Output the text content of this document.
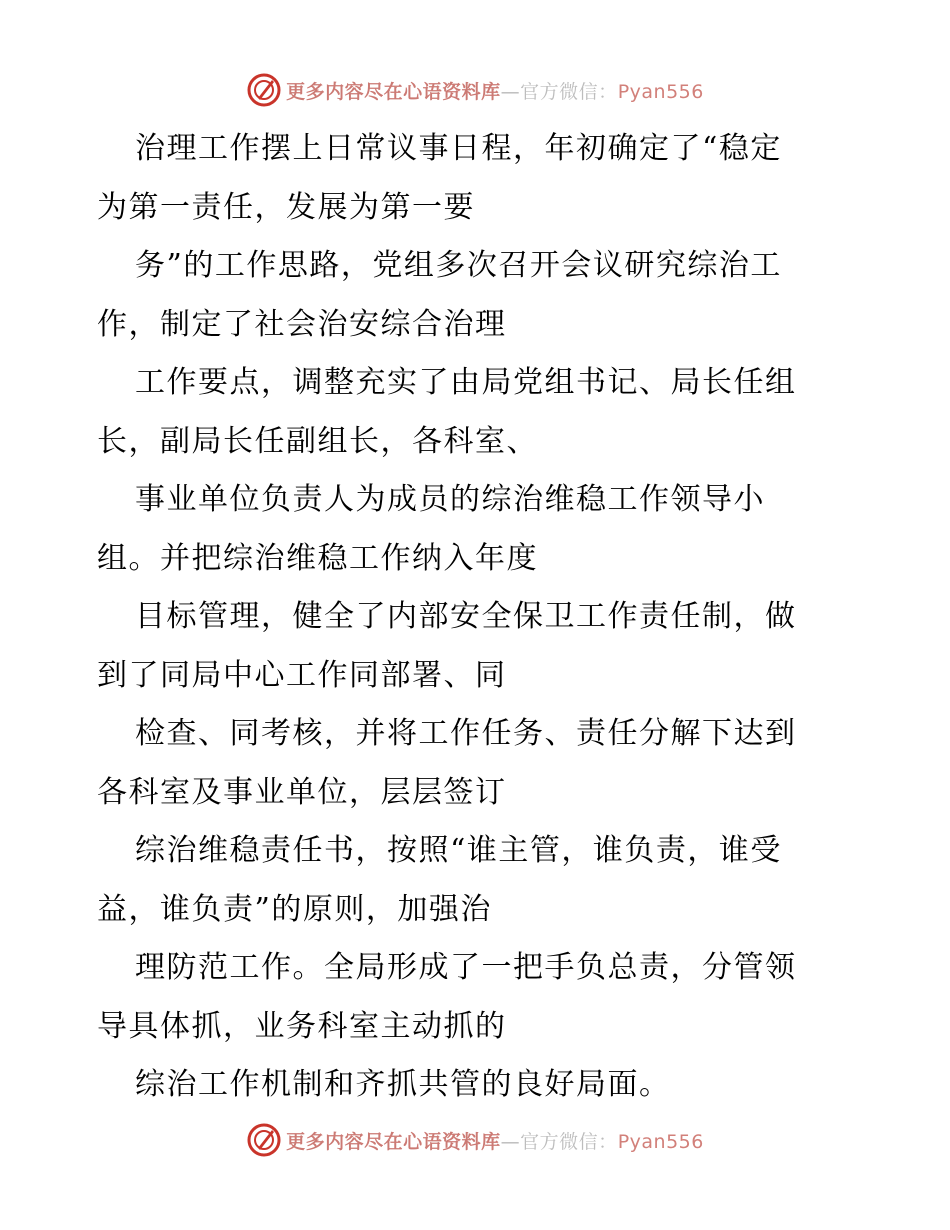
更多内容尽在心语资料库—官方微信：Pyan556
治理工作摆上日常议事日程，年初确定了“稳定
为第一责任，发展为第一要
务”的工作思路，党组多次召开会议研究综治工
作，制定了社会治安综合治理
工作要点，调整充实了由局党组书记、局长任组
长，副局长任副组长，各科室、
事业单位负责人为成员的综治维稳工作领导小
组。并把综治维稳工作纳入年度
目标管理，健全了内部安全保卫工作责任制，做
到了同局中心工作同部署、同
检查、同考核，并将工作任务、责任分解下达到
各科室及事业单位，层层签订
综治维稳责任书，按照“谁主管，谁负责，谁受
益，谁负责”的原则，加强治
理防范工作。全局形成了一把手负总责，分管领
导具体抓，业务科室主动抓的
综治工作机制和齐抓共管的良好局面。
更多内容尽在心语资料库—官方微信：Pyan556
